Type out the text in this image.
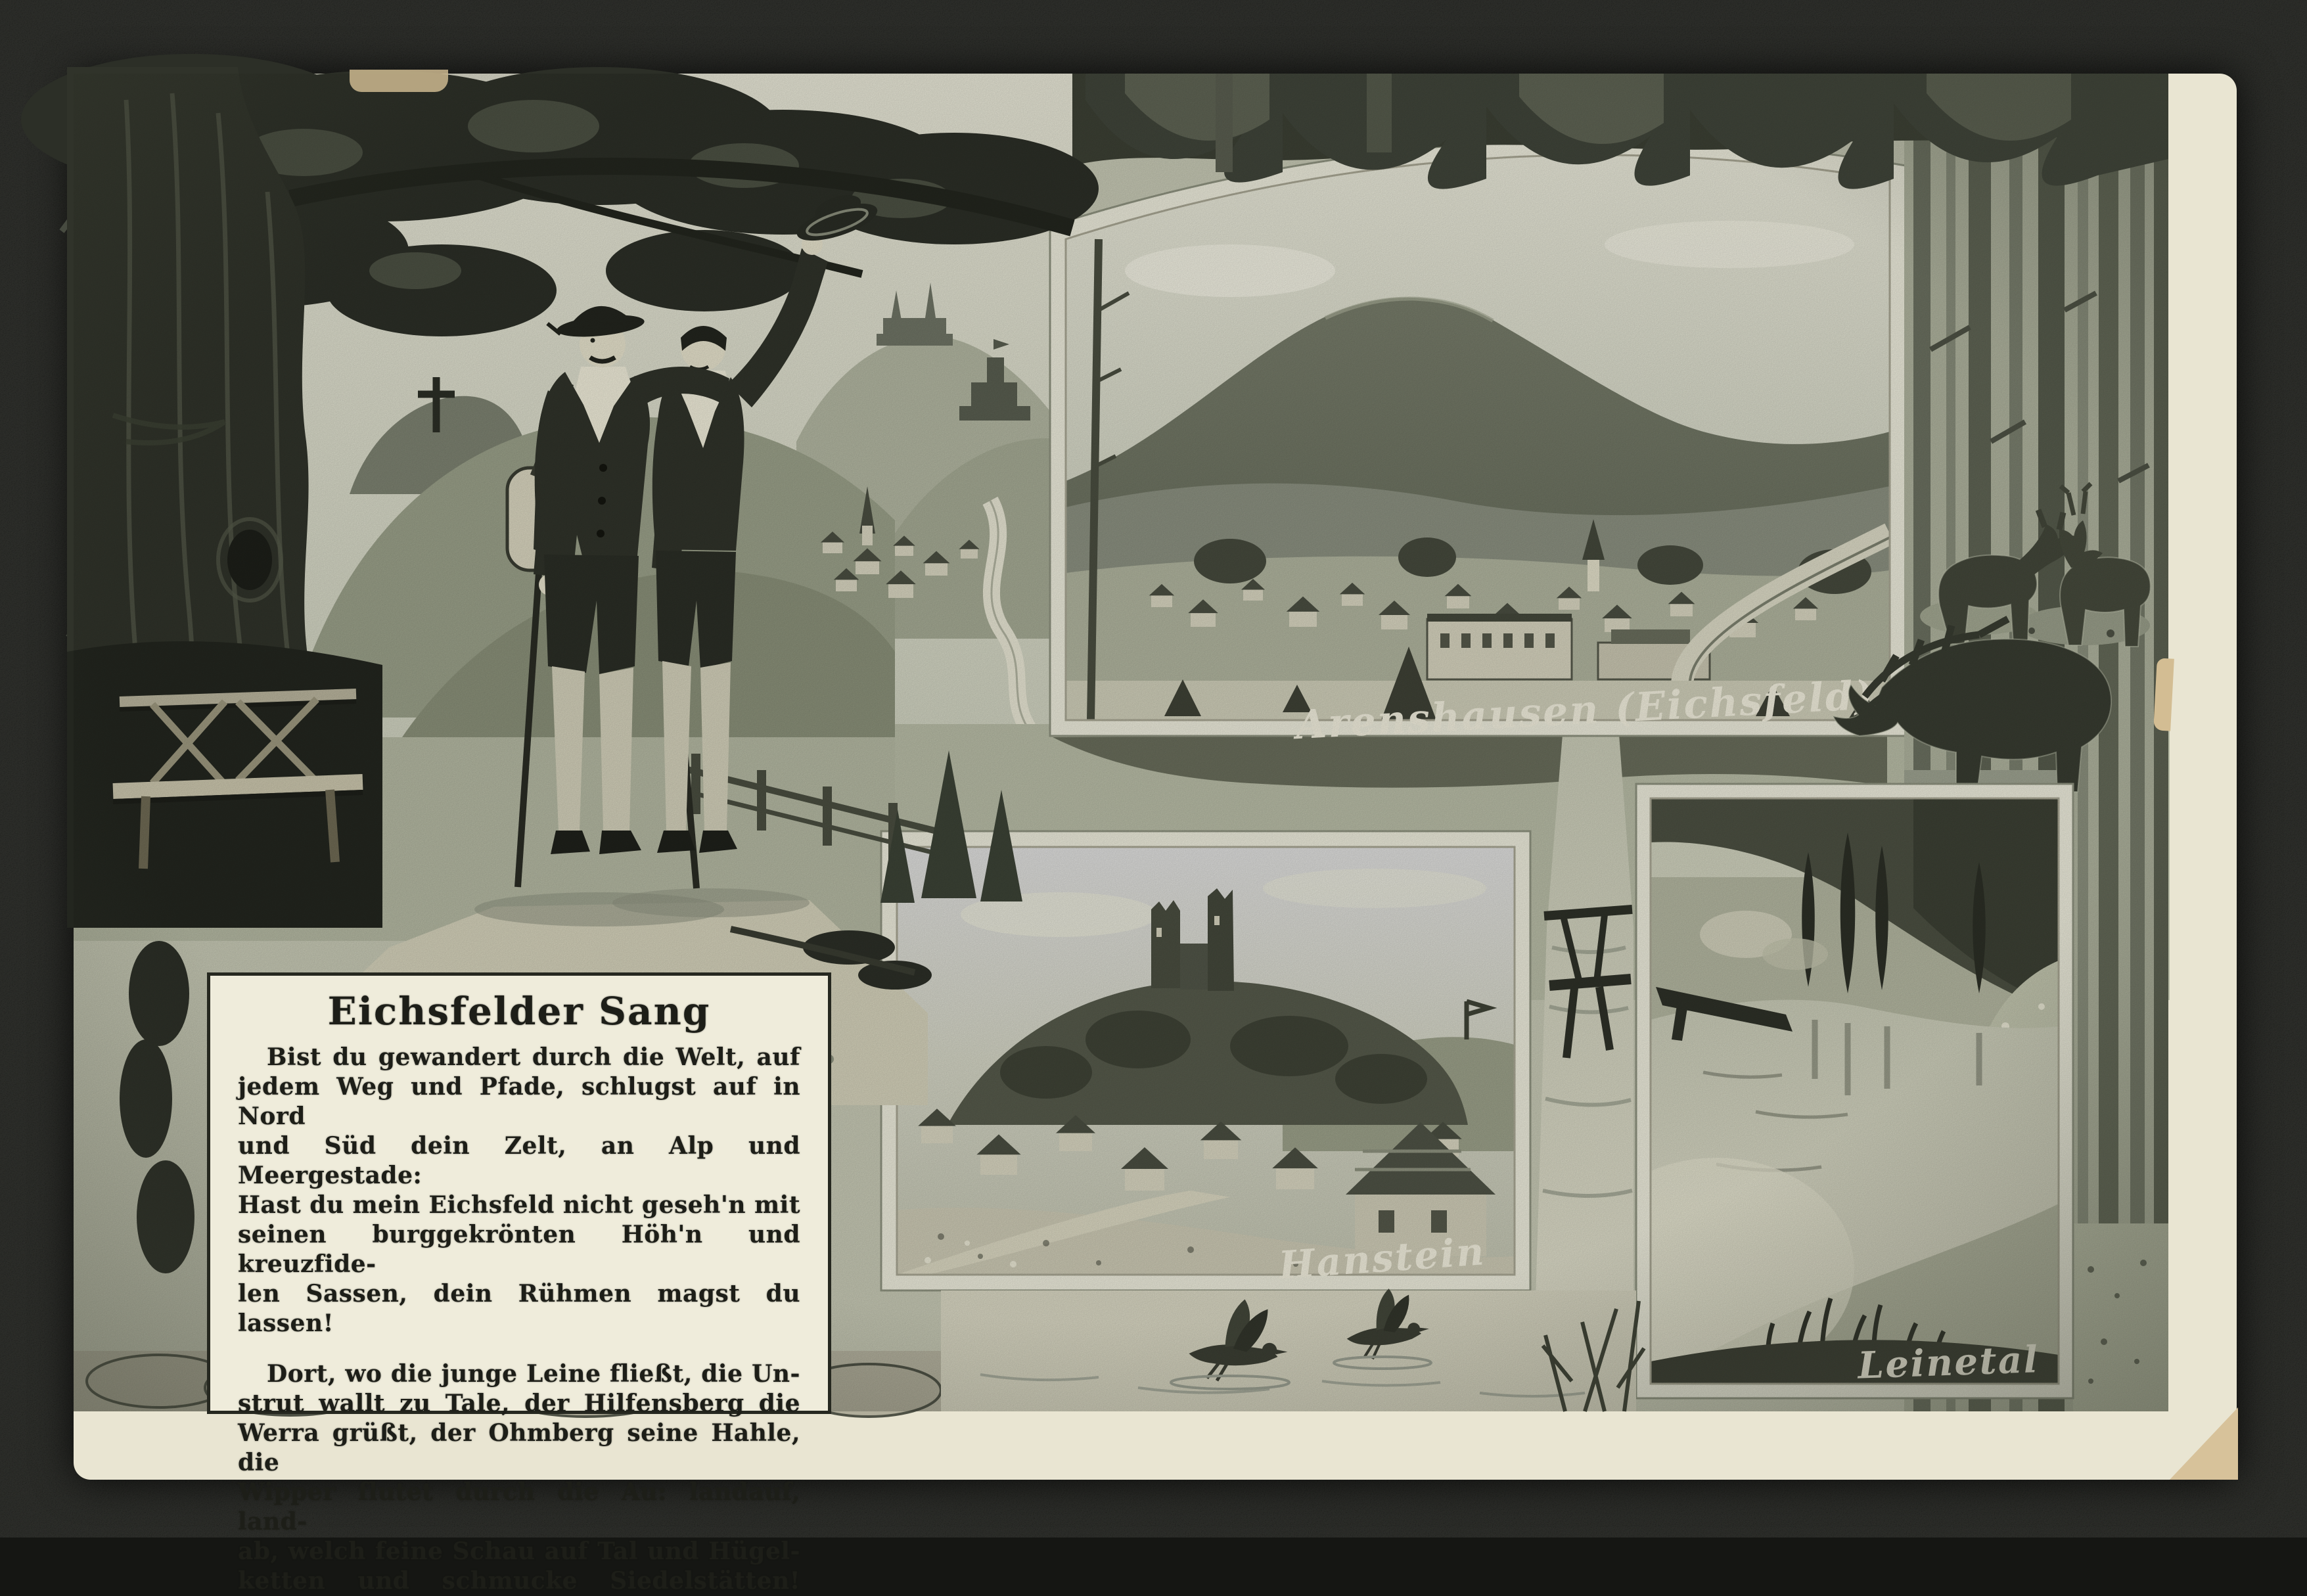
Eichsfelder Sang

Bist du gewandert durch die Welt, auf
jedem Weg und Pfade, schlugst auf in Nord
und Süd dein Zelt, an Alp und Meergestade:
Hast du mein Eichsfeld nicht geseh'n mit
seinen burggekrönten Höh'n und kreuzfide-
len Sassen, dein Rühmen magst du lassen!

Dort, wo die junge Leine fließt, die Un-
strut wallt zu Tale, der Hilfensberg die
Werra grüßt, der Ohmberg seine Hahle, die
Wipper flutet durch die Au: landauf, land-
ab, welch feine Schau auf Tal und Hügel-
ketten und schmucke Siedelstätten!
